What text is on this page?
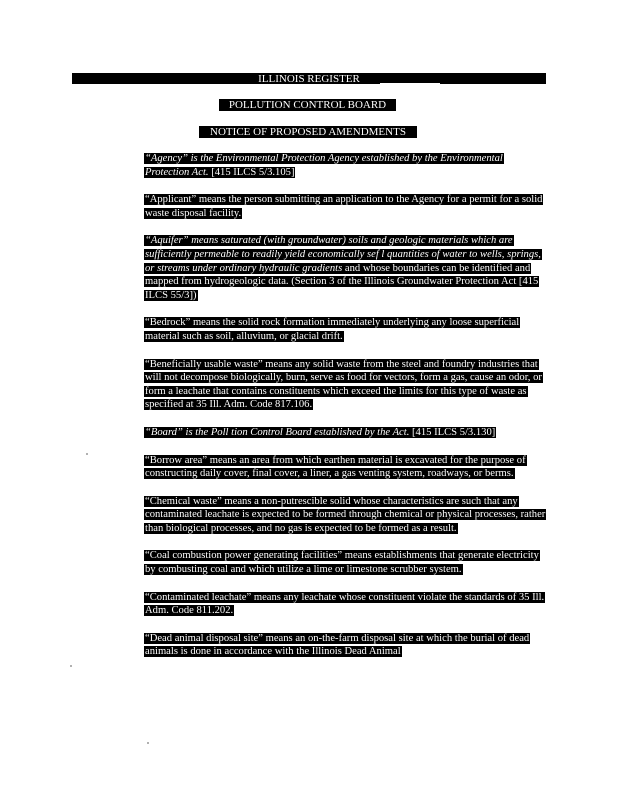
ILLINOIS REGISTER
POLLUTION CONTROL BOARD
NOTICE OF PROPOSED AMENDMENTS

“Agency” is the Environmental Protection Agency established by the Environmental Protection Act. [415 ILCS 5/3.105]

“Applicant” means the person submitting an application to the Agency for a permit for a solid waste disposal facility.

“Aquifer” means saturated (with groundwater) soils and geologic materials which are sufficiently permeable to readily yield economically sef l quantities of water to wells, springs, or streams under ordinary hydraulic gradients and whose boundaries can be identified and mapped from hydrogeologic data. (Section 3 of the Illinois Groundwater Protection Act [415 ILCS 55/3])

“Bedrock” means the solid rock formation immediately underlying any loose superficial material such as soil, alluvium, or glacial drift.

“Beneficially usable waste” means any solid waste from the steel and foundry industries that will not decompose biologically, burn, serve as food for vectors, form a gas, cause an odor, or form a leachate that contains constituents which exceed the limits for this type of waste as specified at 35 Ill. Adm. Code 817.106.

“Board” is the Poll tion Control Board established by the Act. [415 ILCS 5/3.130]

“Borrow area” means an area from which earthen material is excavated for the purpose of constructing daily cover, final cover, a liner, a gas venting system, roadways, or berms.

“Chemical waste” means a non-putrescible solid whose characteristics are such that any contaminated leachate is expected to be formed through chemical or physical processes, rather than biological processes, and no gas is expected to be formed as a result.

“Coal combustion power generating facilities” means establishments that generate electricity by combusting coal and which utilize a lime or limestone scrubber system.

“Contaminated leachate” means any leachate whose constituent violate the standards of 35 Ill. Adm. Code 811.202.

“Dead animal disposal site” means an on-the-farm disposal site at which the burial of dead animals is done in accordance with the Illinois Dead Animal
